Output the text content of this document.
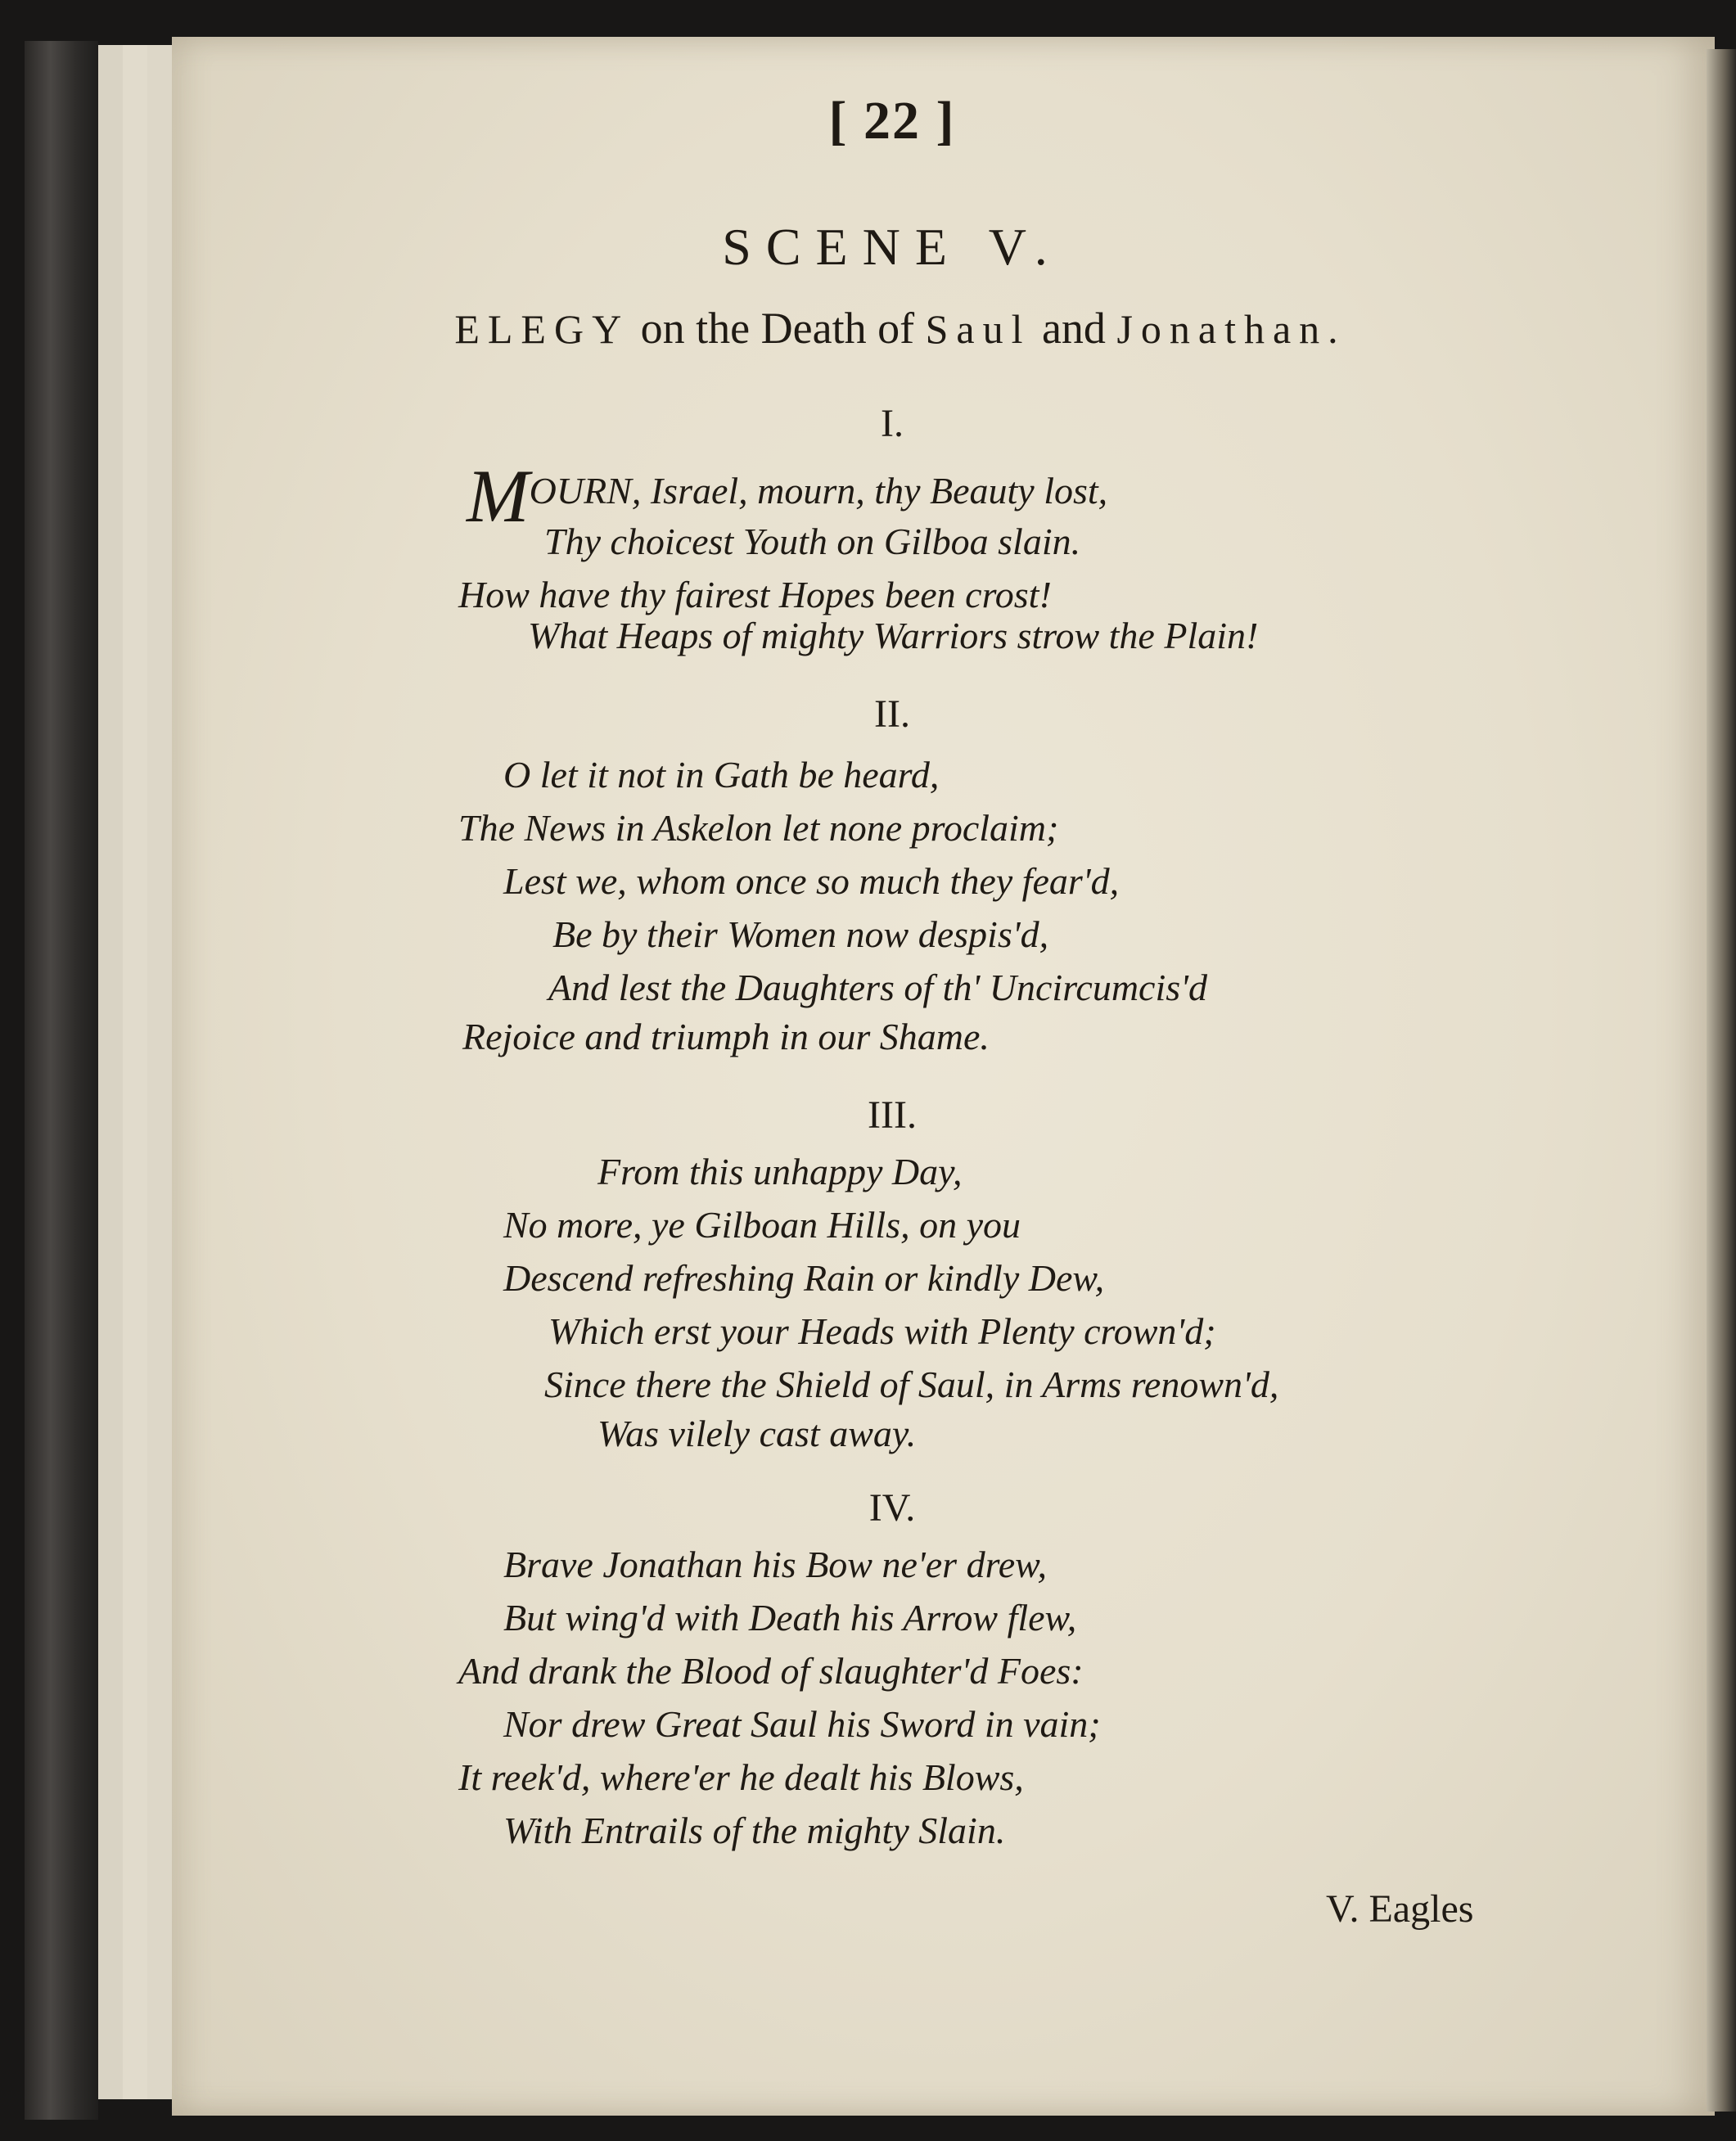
[ 22 ]
SCENE V.
ELEGY on the Death of Saul and Jonathan.
I.
MOURN, Israel, mourn, thy Beauty lost,
Thy choicest Youth on Gilboa slain.
How have thy fairest Hopes been crost!
What Heaps of mighty Warriors strow the Plain!
II.
O let it not in Gath be heard,
The News in Askelon let none proclaim;
Lest we, whom once so much they fear'd,
Be by their Women now despis'd,
And lest the Daughters of th' Uncircumcis'd
Rejoice and triumph in our Shame.
III.
From this unhappy Day,
No more, ye Gilboan Hills, on you
Descend refreshing Rain or kindly Dew,
Which erst your Heads with Plenty crown'd;
Since there the Shield of Saul, in Arms renown'd,
Was vilely cast away.
IV.
Brave Jonathan his Bow ne'er drew,
But wing'd with Death his Arrow flew,
And drank the Blood of slaughter'd Foes:
Nor drew Great Saul his Sword in vain;
It reek'd, where'er he dealt his Blows,
With Entrails of the mighty Slain.
V. Eagles
